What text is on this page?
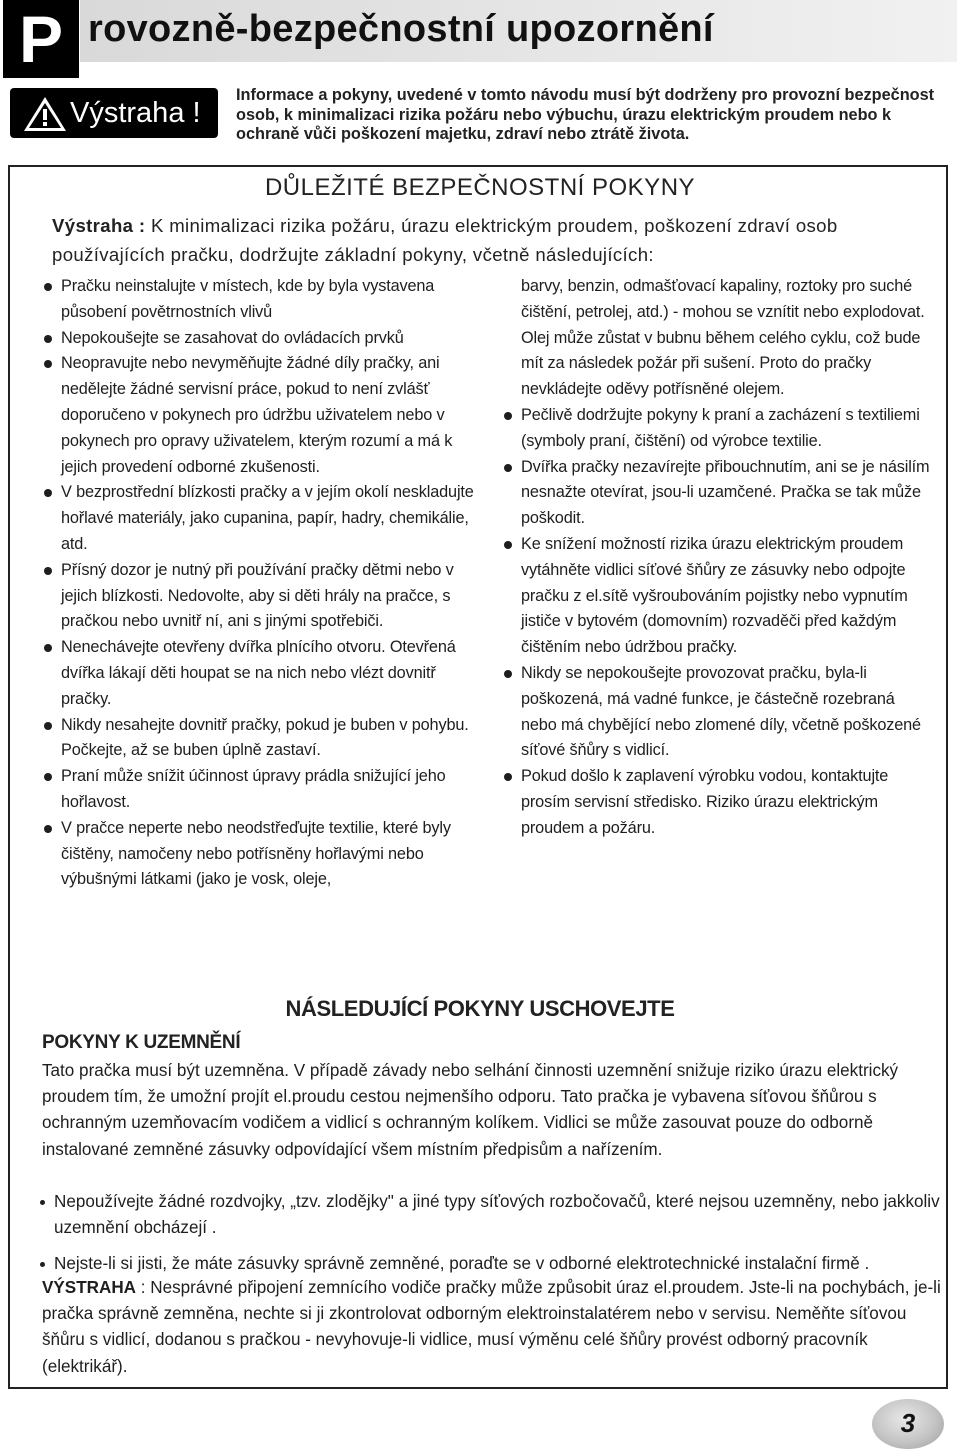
P rovozně-bezpečnostní upozornění
Výstraha !

Informace a pokyny, uvedené v tomto návodu musí být dodrženy pro provozní bezpečnost osob, k minimalizaci rizika požáru nebo výbuchu, úrazu elektrickým proudem nebo k ochraně vůči poškození majetku, zdraví nebo ztrátě života.

DŮLEŽITÉ BEZPEČNOSTNÍ POKYNY

Výstraha : K minimalizaci rizika požáru, úrazu elektrickým proudem, poškození zdraví osob používajících pračku, dodržujte základní pokyny, včetně následujících:

Pračku neinstalujte v místech, kde by byla vystavena působení povětrnostních vlivů
Nepokoušejte se zasahovat do ovládacích prvků
Neopravujte nebo nevyměňujte žádné díly pračky, ani nedělejte žádné servisní práce, pokud to není zvlášť doporučeno v pokynech pro údržbu uživatelem nebo v pokynech pro opravy uživatelem, kterým rozumí a má k jejich provedení odborné zkušenosti.
V bezprostřední blízkosti pračky a v jejím okolí neskladujte hořlavé materiály, jako cupanina, papír, hadry, chemikálie, atd.
Přísný dozor je nutný při používání pračky dětmi nebo v jejich blízkosti. Nedovolte, aby si děti hrály na pračce, s pračkou nebo uvnitř ní, ani s jinými spotřebiči.
Nenechávejte otevřeny dvířka plnícího otvoru. Otevřená dvířka lákají děti houpat se na nich nebo vlézt dovnitř pračky.
Nikdy nesahejte dovnitř pračky, pokud je buben v pohybu. Počkejte, až se buben úplně zastaví.
Praní může snížit účinnost úpravy prádla snižující jeho hořlavost.
V pračce neperte nebo neodstřeďujte textilie, které byly čištěny, namočeny nebo potřísněny hořlavými nebo výbušnými látkami (jako je vosk, oleje,
barvy, benzin, odmašťovací kapaliny, roztoky pro suché čištění, petrolej, atd.) - mohou se vznítit nebo explodovat. Olej může zůstat v bubnu během celého cyklu, což bude mít za následek požár při sušení. Proto do pračky nevkládejte oděvy potřísněné olejem.
Pečlivě dodržujte pokyny k praní a zacházení s textiliemi (symboly praní, čištění) od výrobce textilie.
Dvířka pračky nezavírejte přibouchnutím, ani se je násilím nesnažte otevírat, jsou-li uzamčené. Pračka se tak může poškodit.
Ke snížení možností rizika úrazu elektrickým proudem vytáhněte vidlici síťové šňůry ze zásuvky nebo odpojte pračku z el.sítě vyšroubováním pojistky nebo vypnutím jističe v bytovém (domovním) rozvaděči před každým čištěním nebo údržbou pračky.
Nikdy se nepokoušejte provozovat pračku, byla-li poškozená, má vadné funkce, je částečně rozebraná nebo má chybějící nebo zlomené díly, včetně poškozené síťové šňůry s vidlicí.
Pokud došlo k zaplavení výrobku vodou, kontaktujte prosím servisní středisko. Riziko úrazu elektrickým proudem a požáru.
NÁSLEDUJÍCÍ POKYNY USCHOVEJTE
POKYNY K UZEMNĚNÍ

Tato pračka musí být uzemněna. V případě závady nebo selhání činnosti uzemnění snižuje riziko úrazu elektrický proudem tím, že umožní projít el.proudu cestou nejmenšího odporu. Tato pračka je vybavena síťovou šňůrou s ochranným uzemňovacím vodičem a vidlicí s ochranným kolíkem. Vidlici se může zasouvat pouze do odborně instalované zemněné zásuvky odpovídající všem místním předpisům a nařízením.

Nepoužívejte žádné rozdvojky, „tzv. zlodějky" a jiné typy síťových rozbočovačů, které nejsou uzemněny, nebo jakkoliv uzemnění obcházejí .
Nejste-li si jisti, že máte zásuvky správně zemněné, poraďte se v odborné elektrotechnické instalační firmě .

VÝSTRAHA : Nesprávné připojení zemnícího vodiče pračky může způsobit úraz el.proudem. Jste-li na pochybách, je-li pračka správně zemněna, nechte si ji zkontrolovat odborným elektroinstalatérem nebo v servisu. Neměňte síťovou šňůru s vidlicí, dodanou s pračkou - nevyhovuje-li vidlice, musí výměnu celé šňůry provést odborný pracovník (elektrikář).

3
